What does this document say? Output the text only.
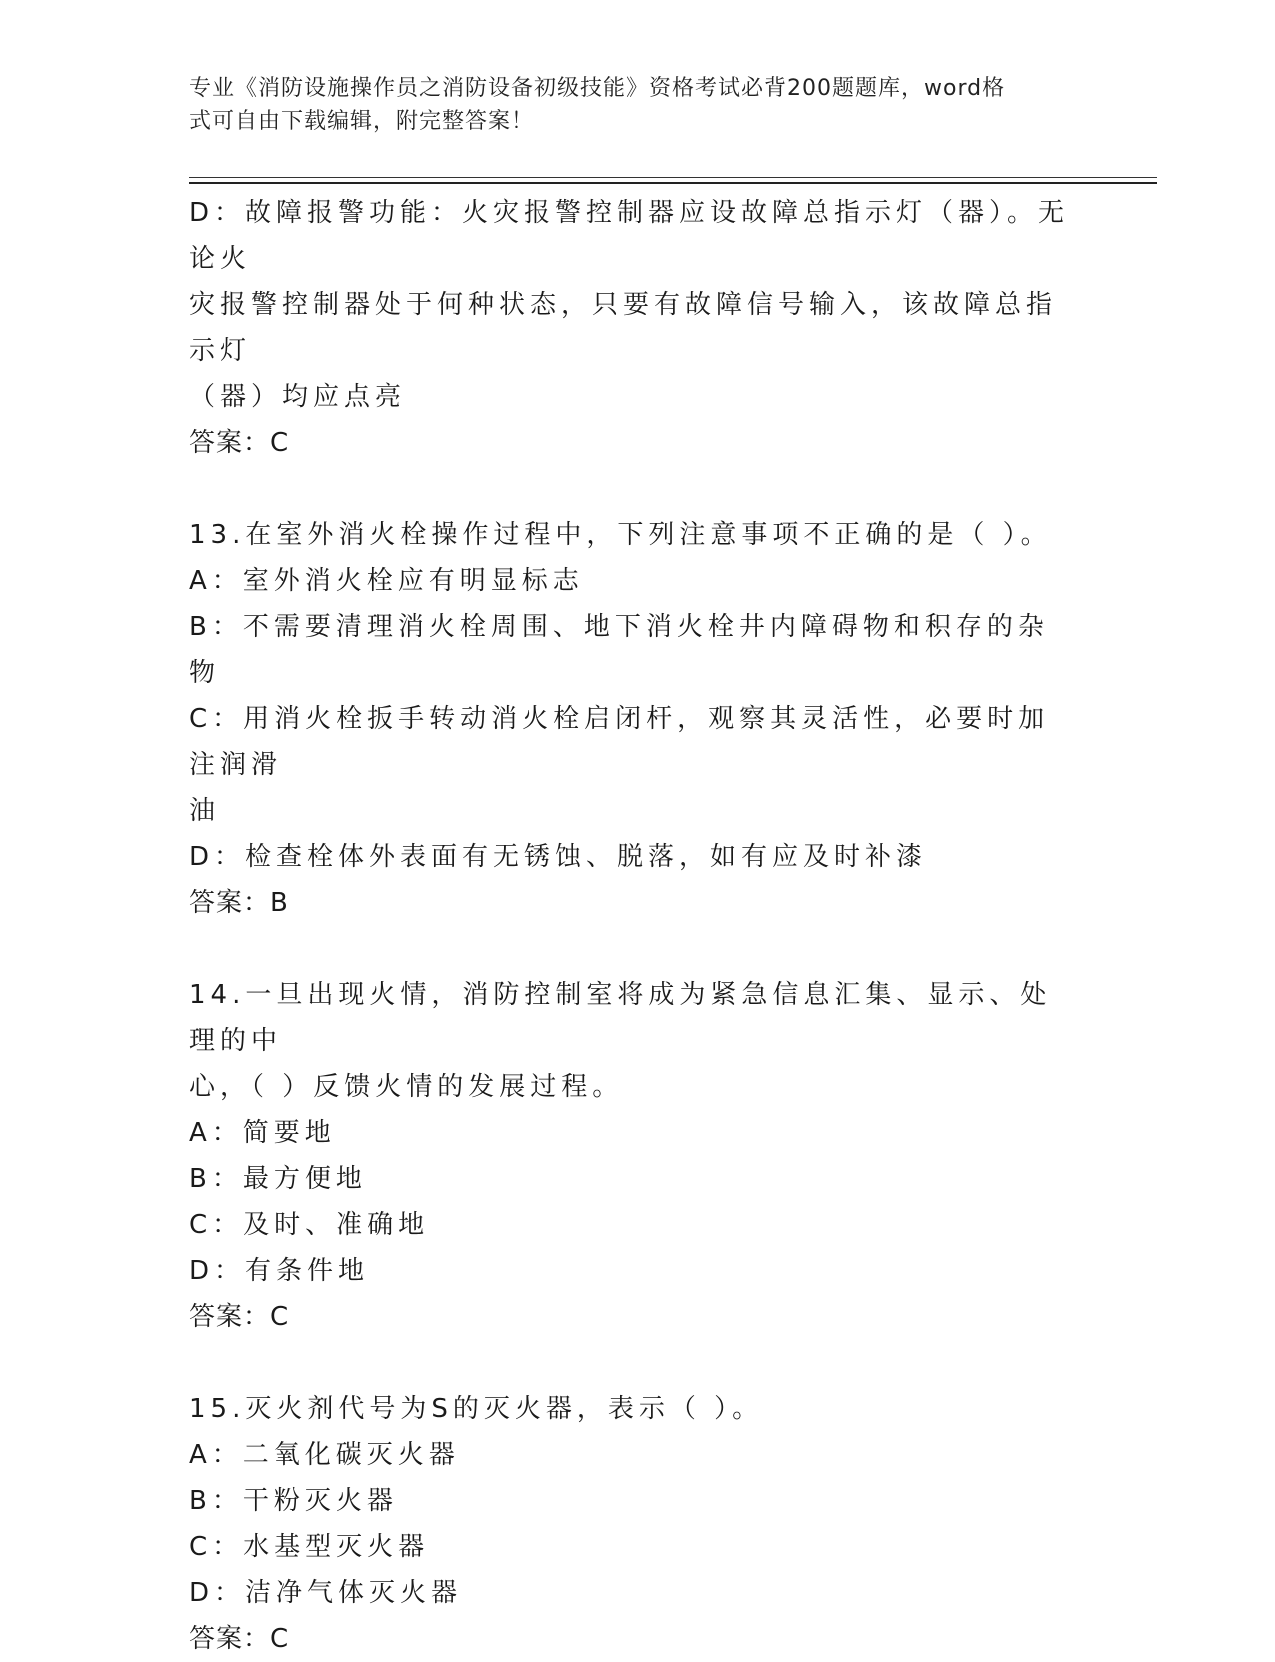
专业《消防设施操作员之消防设备初级技能》资格考试必背200题题库，word格
式可自由下载编辑，附完整答案！
D：故障报警功能：火灾报警控制器应设故障总指示灯（器）。无论火
灾报警控制器处于何种状态，只要有故障信号输入，该故障总指示灯
（器）均应点亮
答案：C
13.在室外消火栓操作过程中，下列注意事项不正确的是（ ）。
A：室外消火栓应有明显标志
B：不需要清理消火栓周围、地下消火栓井内障碍物和积存的杂物
C：用消火栓扳手转动消火栓启闭杆，观察其灵活性，必要时加注润滑
油
D：检查栓体外表面有无锈蚀、脱落，如有应及时补漆
答案：B
14.一旦出现火情，消防控制室将成为紧急信息汇集、显示、处理的中
心，（ ）反馈火情的发展过程。
A：简要地
B：最方便地
C：及时、准确地
D：有条件地
答案：C
15.灭火剂代号为S的灭火器，表示（ ）。
A：二氧化碳灭火器
B：干粉灭火器
C：水基型灭火器
D：洁净气体灭火器
答案：C
